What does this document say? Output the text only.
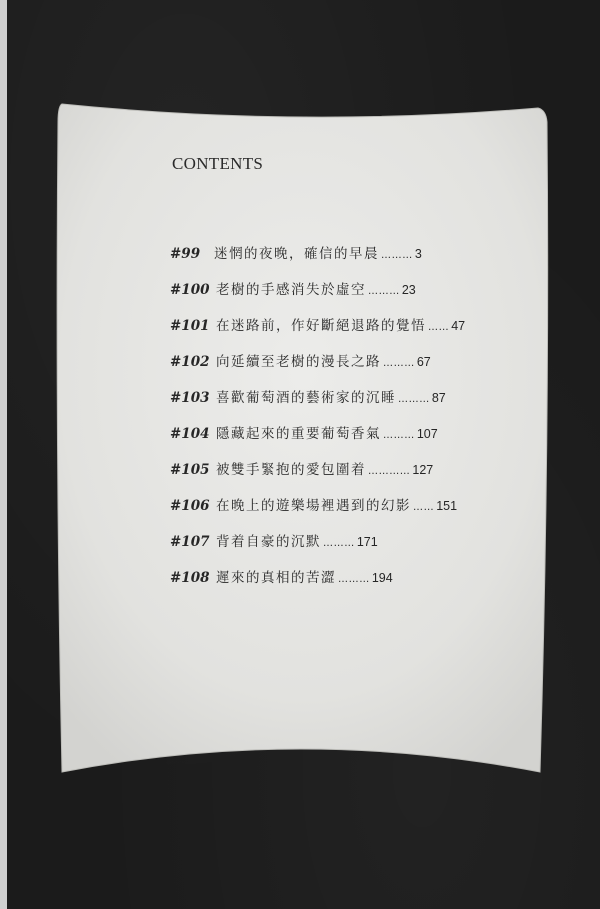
CONTENTS
#99	迷惘的夜晚，確信的早晨 ……… 3
#100 老樹的手感消失於虛空 ……… 23
#101 在迷路前，作好斷絕退路的覺悟 …… 47
#102 向延續至老樹的漫長之路 ……… 67
#103 喜歡葡萄酒的藝術家的沉睡 ……… 87
#104 隱藏起來的重要葡萄香氣 ……… 107
#105 被雙手緊抱的愛包圍着 ………… 127
#106 在晚上的遊樂場裡遇到的幻影 …… 151
#107 背着自豪的沉默 ……… 171
#108 遲來的真相的苦澀 ……… 194
